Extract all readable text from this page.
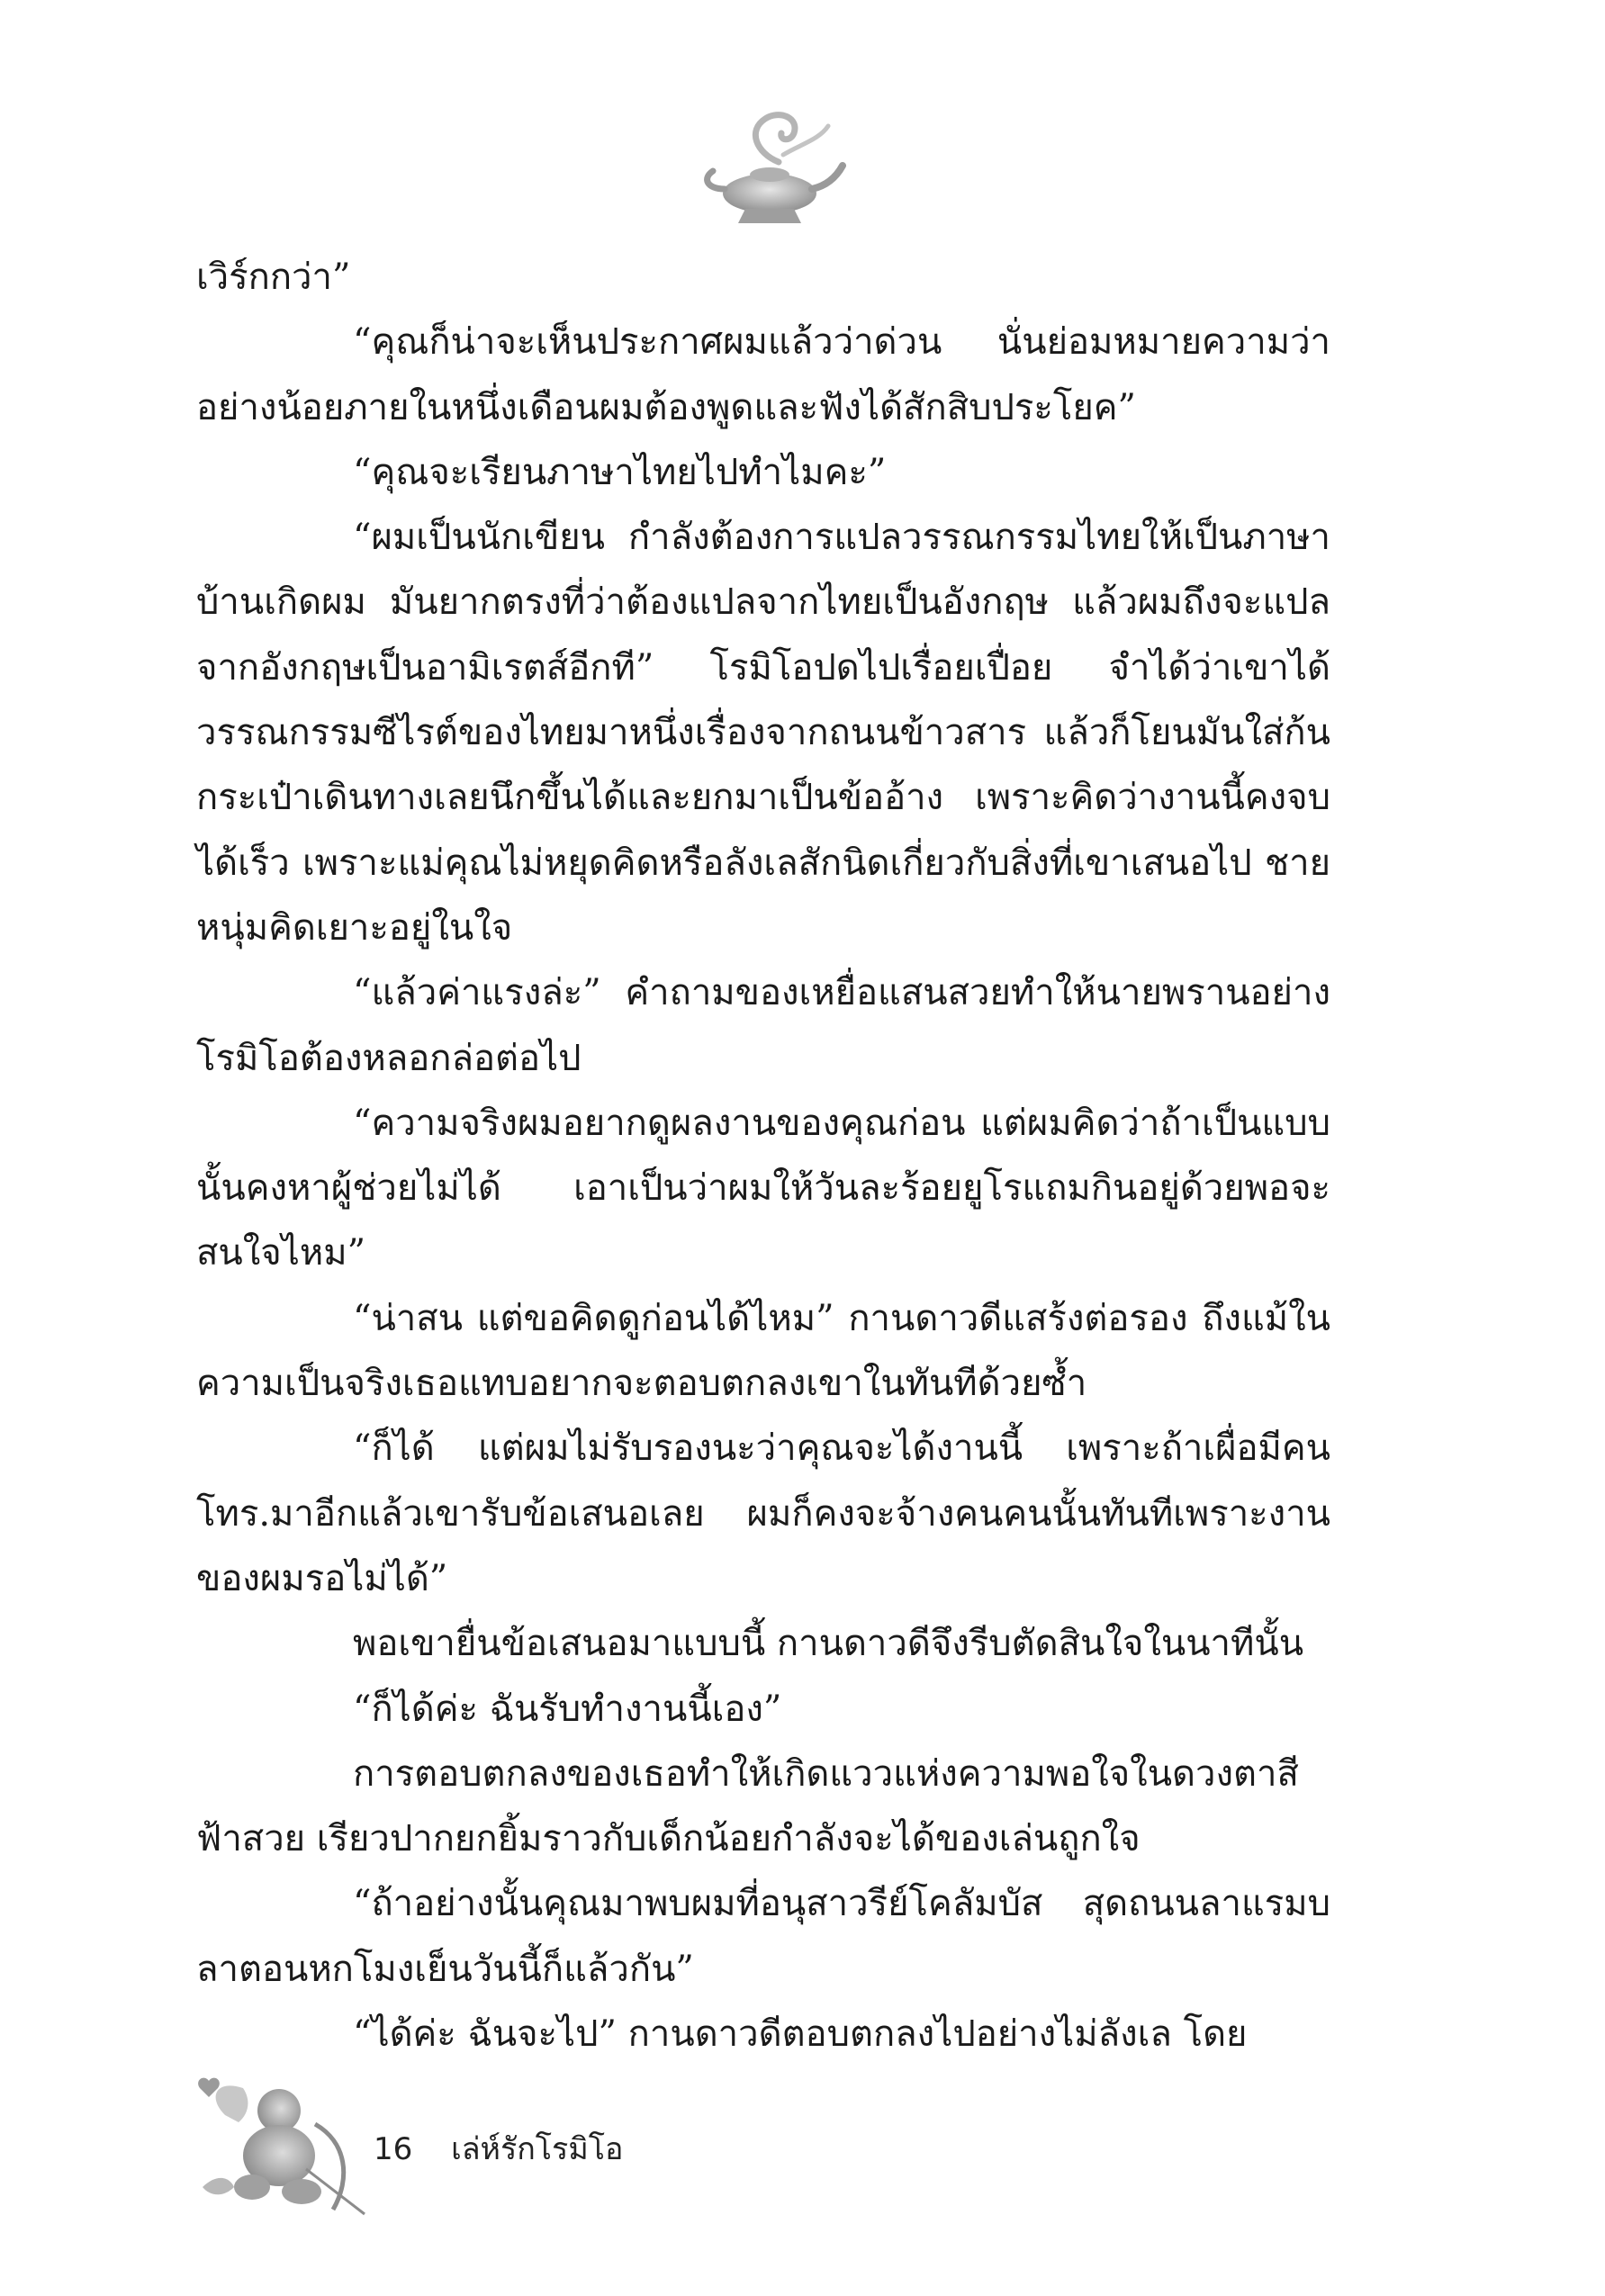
เวิร์กกว่า”

“คุณก็น่าจะเห็นประกาศผมแล้วว่าด่วน นั่นย่อมหมายความว่าอย่างน้อยภายในหนึ่งเดือนผมต้องพูดและฟังได้สักสิบประโยค”

“คุณจะเรียนภาษาไทยไปทำไมคะ”

“ผมเป็นนักเขียน กำลังต้องการแปลวรรณกรรมไทยให้เป็นภาษาบ้านเกิดผม มันยากตรงที่ว่าต้องแปลจากไทยเป็นอังกฤษ แล้วผมถึงจะแปลจากอังกฤษเป็นอามิเรตส์อีกที” โรมิโอปดไปเรื่อยเปื่อย จำได้ว่าเขาได้วรรณกรรมซีไรต์ของไทยมาหนึ่งเรื่องจากถนนข้าวสาร แล้วก็โยนมันใส่ก้นกระเป๋าเดินทางเลยนึกขึ้นได้และยกมาเป็นข้ออ้าง เพราะคิดว่างานนี้คงจบได้เร็ว เพราะแม่คุณไม่หยุดคิดหรือลังเลสักนิดเกี่ยวกับสิ่งที่เขาเสนอไป ชายหนุ่มคิดเยาะอยู่ในใจ

“แล้วค่าแรงล่ะ” คำถามของเหยื่อแสนสวยทำให้นายพรานอย่างโรมิโอต้องหลอกล่อต่อไป

“ความจริงผมอยากดูผลงานของคุณก่อน แต่ผมคิดว่าถ้าเป็นแบบนั้นคงหาผู้ช่วยไม่ได้ เอาเป็นว่าผมให้วันละร้อยยูโรแถมกินอยู่ด้วยพอจะสนใจไหม”

“น่าสน แต่ขอคิดดูก่อนได้ไหม” กานดาวดีแสร้งต่อรอง ถึงแม้ในความเป็นจริงเธอแทบอยากจะตอบตกลงเขาในทันทีด้วยซ้ำ

“ก็ได้ แต่ผมไม่รับรองนะว่าคุณจะได้งานนี้ เพราะถ้าเผื่อมีคนโทร.มาอีกแล้วเขารับข้อเสนอเลย ผมก็คงจะจ้างคนคนนั้นทันทีเพราะงานของผมรอไม่ได้”

พอเขายื่นข้อเสนอมาแบบนี้ กานดาวดีจึงรีบตัดสินใจในนาทีนั้น

“ก็ได้ค่ะ ฉันรับทำงานนี้เอง”

การตอบตกลงของเธอทำให้เกิดแววแห่งความพอใจในดวงตาสีฟ้าสวย เรียวปากยกยิ้มราวกับเด็กน้อยกำลังจะได้ของเล่นถูกใจ

“ถ้าอย่างนั้นคุณมาพบผมที่อนุสาวรีย์โคลัมบัส สุดถนนลาแรมบลาตอนหกโมงเย็นวันนี้ก็แล้วกัน”

“ได้ค่ะ ฉันจะไป” กานดาวดีตอบตกลงไปอย่างไม่ลังเล โดย

16 เล่ห์รักโรมิโอ
